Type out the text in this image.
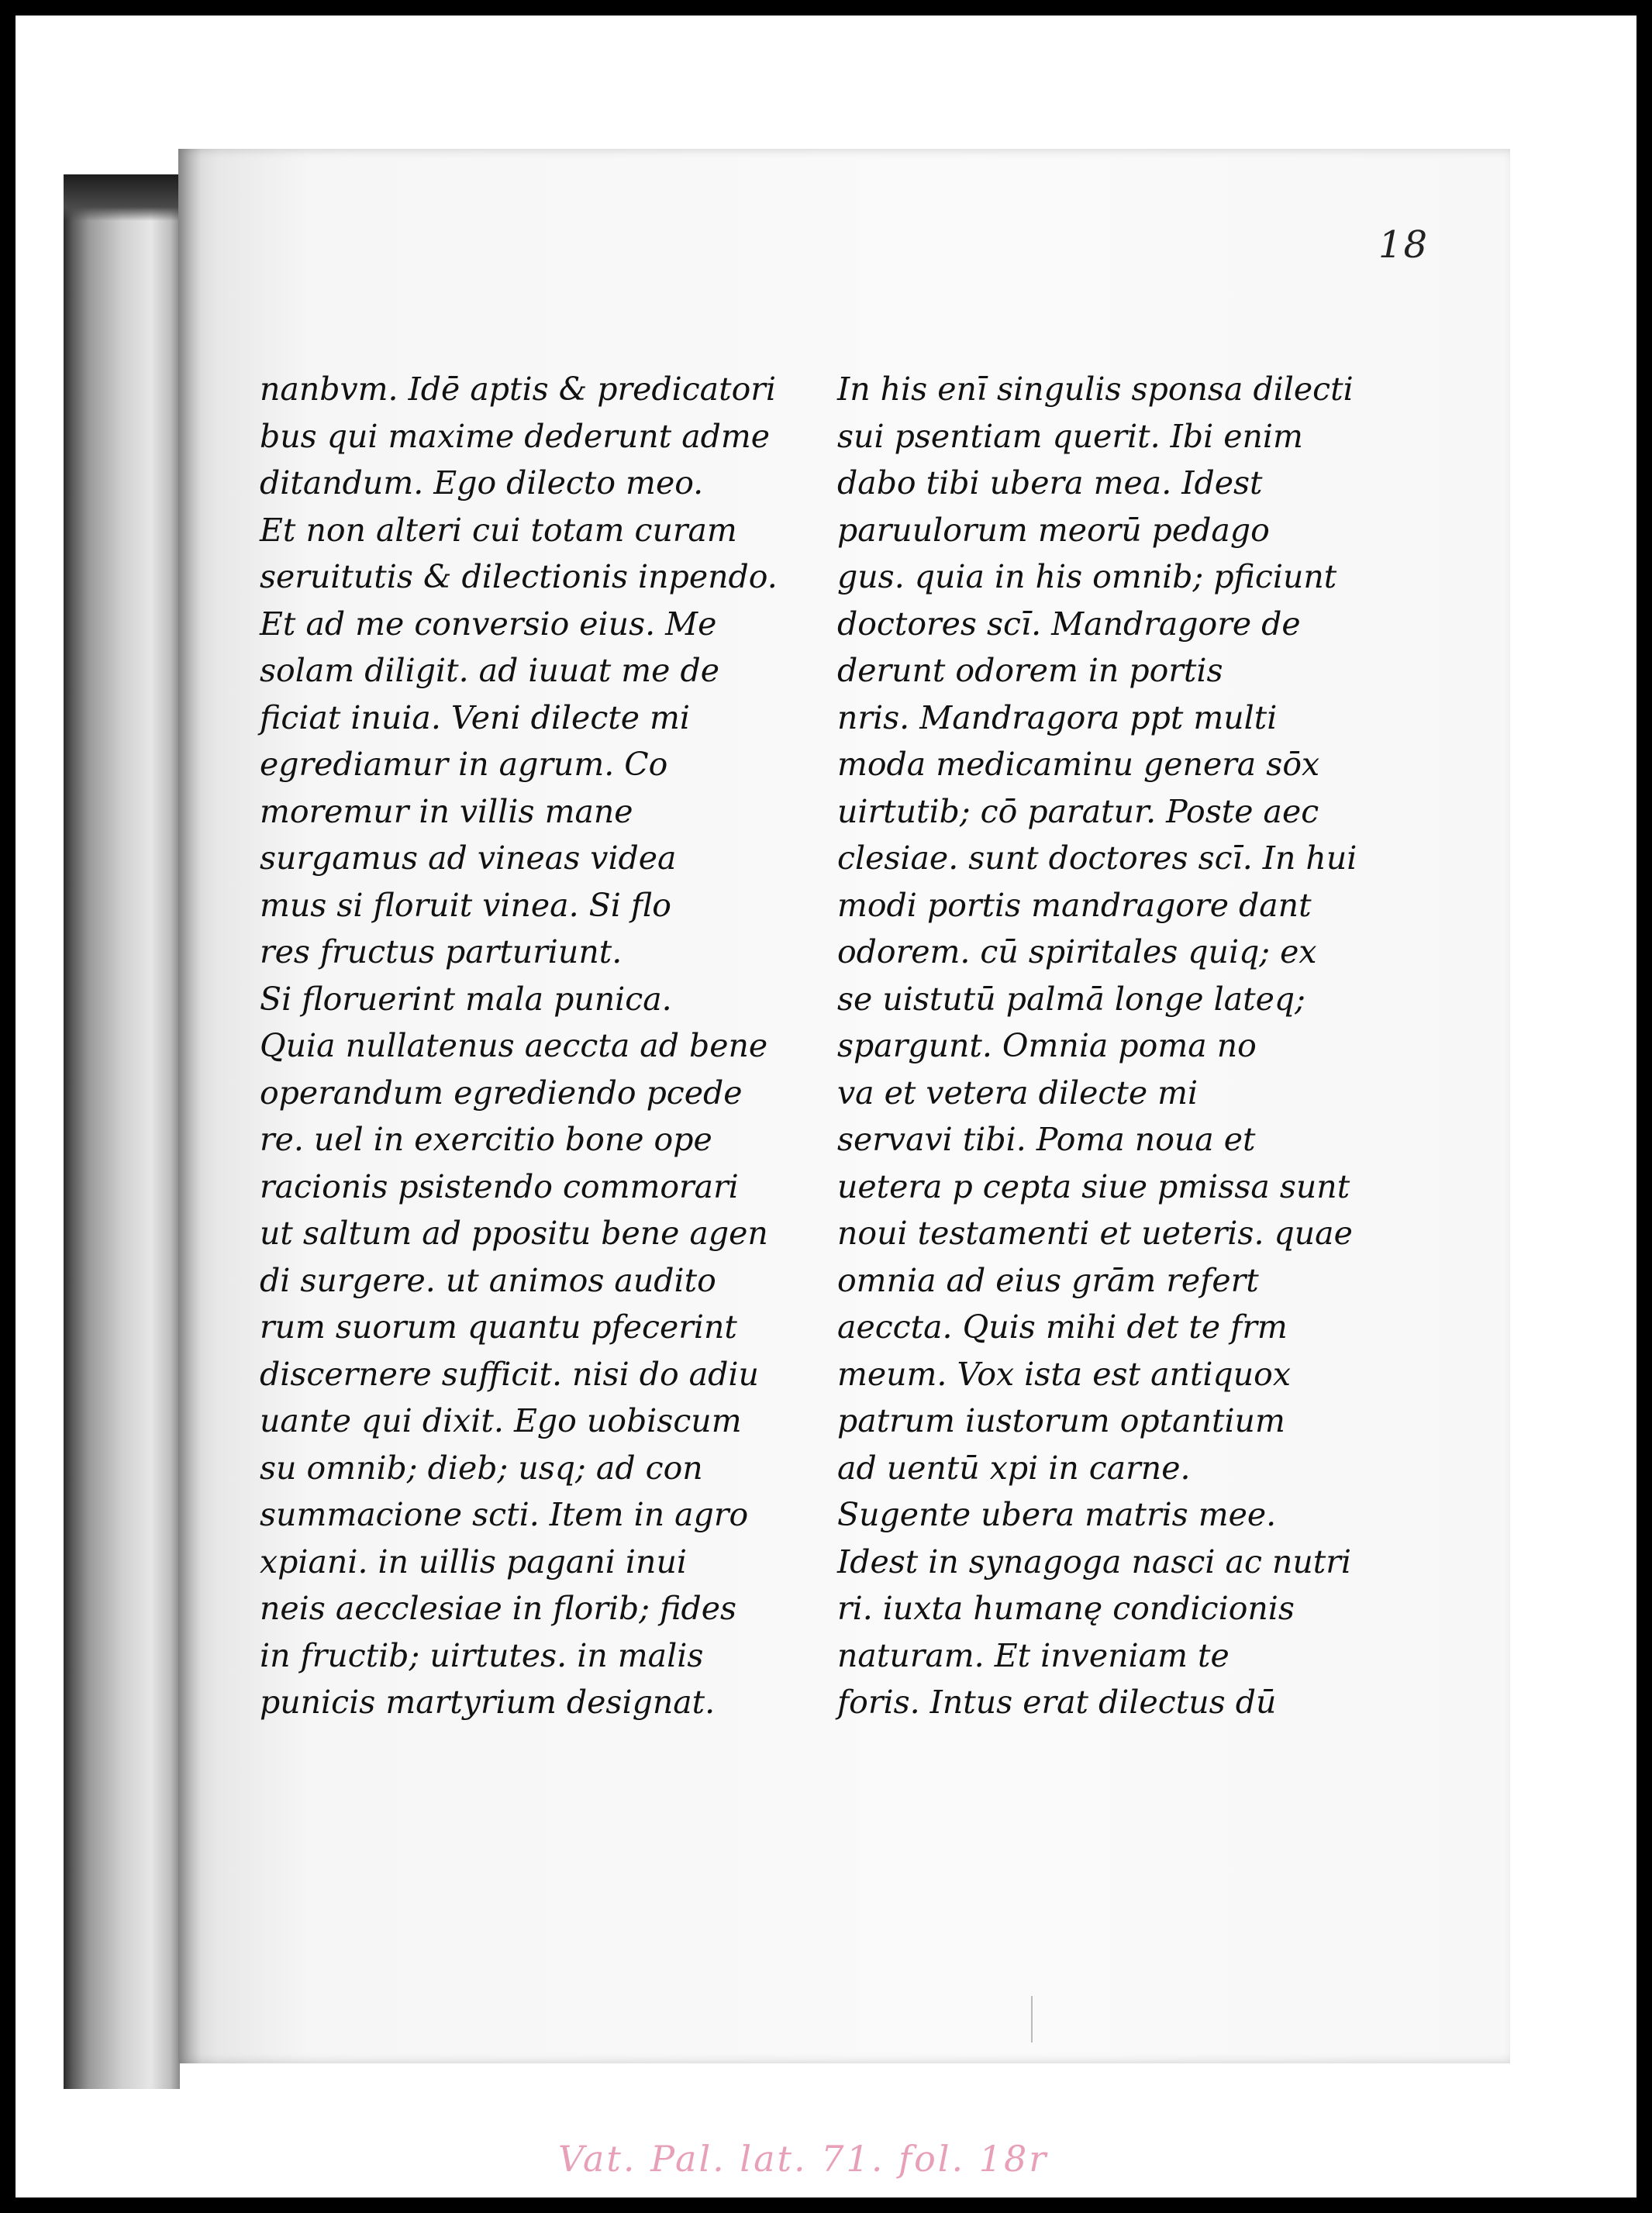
18
nanbvm. Idē aptis & predicatori
bus qui maxime dederunt adme
ditandum. Ego dilecto meo.
Et non alteri cui totam curam
seruitutis & dilectionis inpendo.
Et ad me conversio eius. Me
solam diligit. ad iuuat me de
ficiat inuia. Veni dilecte mi
egrediamur in agrum. Co
moremur in villis mane
surgamus ad vineas videa
mus si floruit vinea. Si flo
res fructus parturiunt.
Si floruerint mala punica.
Quia nullatenus aeccta ad bene
operandum egrediendo pcede
re. uel in exercitio bone ope
racionis psistendo commorari
ut saltum ad ppositu bene agen
di surgere. ut animos audito
rum suorum quantu pfecerint
discernere sufficit. nisi do adiu
uante qui dixit. Ego uobiscum
su omnib; dieb; usq; ad con
summacione scti. Item in agro
xpiani. in uillis pagani inui
neis aecclesiae in florib; fides
in fructib; uirtutes. in malis
punicis martyrium designat.
In his enī singulis sponsa dilecti
sui psentiam querit. Ibi enim
dabo tibi ubera mea. Idest
paruulorum meorū pedago
gus. quia in his omnib; pficiunt
doctores scī. Mandragore de
derunt odorem in portis
nris. Mandragora ppt multi
moda medicaminu genera sōx
uirtutib; cō paratur. Poste aec
clesiae. sunt doctores scī. In hui
modi portis mandragore dant
odorem. cū spiritales quiq; ex
se uistutū palmā longe lateq;
spargunt. Omnia poma no
va et vetera dilecte mi
servavi tibi. Poma noua et
uetera p cepta siue pmissa sunt
noui testamenti et ueteris. quae
omnia ad eius grām refert
aeccta. Quis mihi det te frm
meum. Vox ista est antiquox
patrum iustorum optantium
ad uentū xpi in carne.
Sugente ubera matris mee.
Idest in synagoga nasci ac nutri
ri. iuxta humanę condicionis
naturam. Et inveniam te
foris. Intus erat dilectus dū
Vat. Pal. lat. 71. fol. 18r
